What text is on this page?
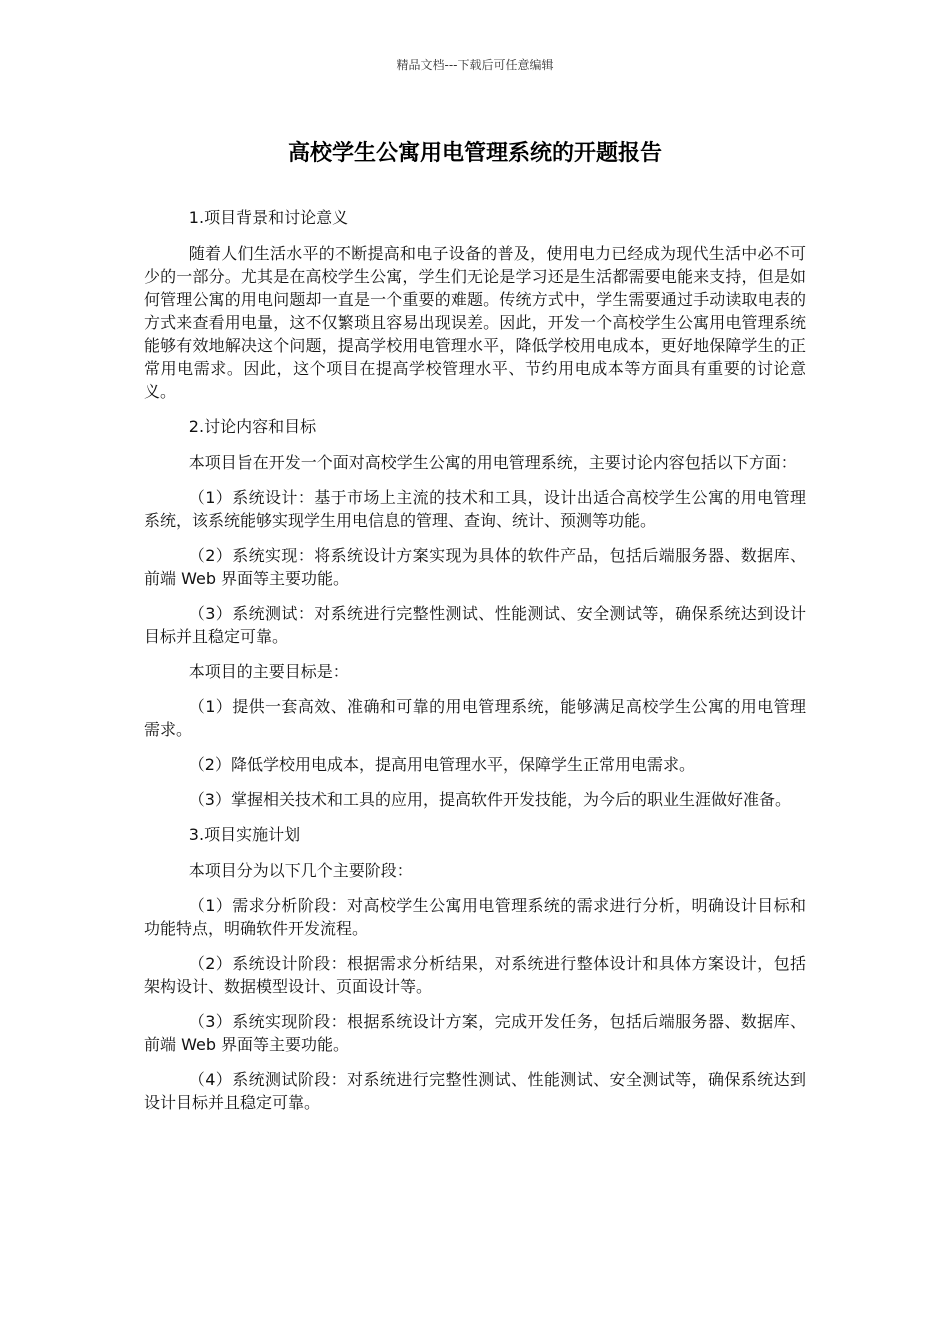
精品文档---下载后可任意编辑
高校学生公寓用电管理系统的开题报告

1.项目背景和讨论意义

随着人们生活水平的不断提高和电子设备的普及，使用电力已经成为现代生活中必不可少的一部分。尤其是在高校学生公寓，学生们无论是学习还是生活都需要电能来支持，但是如何管理公寓的用电问题却一直是一个重要的难题。传统方式中，学生需要通过手动读取电表的方式来查看用电量，这不仅繁琐且容易出现误差。因此，开发一个高校学生公寓用电管理系统能够有效地解决这个问题，提高学校用电管理水平，降低学校用电成本，更好地保障学生的正常用电需求。因此，这个项目在提高学校管理水平、节约用电成本等方面具有重要的讨论意义。

2.讨论内容和目标

本项目旨在开发一个面对高校学生公寓的用电管理系统，主要讨论内容包括以下方面：

（1）系统设计：基于市场上主流的技术和工具，设计出适合高校学生公寓的用电管理系统，该系统能够实现学生用电信息的管理、查询、统计、预测等功能。

（2）系统实现：将系统设计方案实现为具体的软件产品，包括后端服务器、数据库、前端 Web 界面等主要功能。

（3）系统测试：对系统进行完整性测试、性能测试、安全测试等，确保系统达到设计目标并且稳定可靠。

本项目的主要目标是：

（1）提供一套高效、准确和可靠的用电管理系统，能够满足高校学生公寓的用电管理需求。

（2）降低学校用电成本，提高用电管理水平，保障学生正常用电需求。

（3）掌握相关技术和工具的应用，提高软件开发技能，为今后的职业生涯做好准备。

3.项目实施计划

本项目分为以下几个主要阶段：

（1）需求分析阶段：对高校学生公寓用电管理系统的需求进行分析，明确设计目标和功能特点，明确软件开发流程。

（2）系统设计阶段：根据需求分析结果，对系统进行整体设计和具体方案设计，包括架构设计、数据模型设计、页面设计等。

（3）系统实现阶段：根据系统设计方案，完成开发任务，包括后端服务器、数据库、前端 Web 界面等主要功能。

（4）系统测试阶段：对系统进行完整性测试、性能测试、安全测试等，确保系统达到设计目标并且稳定可靠。
